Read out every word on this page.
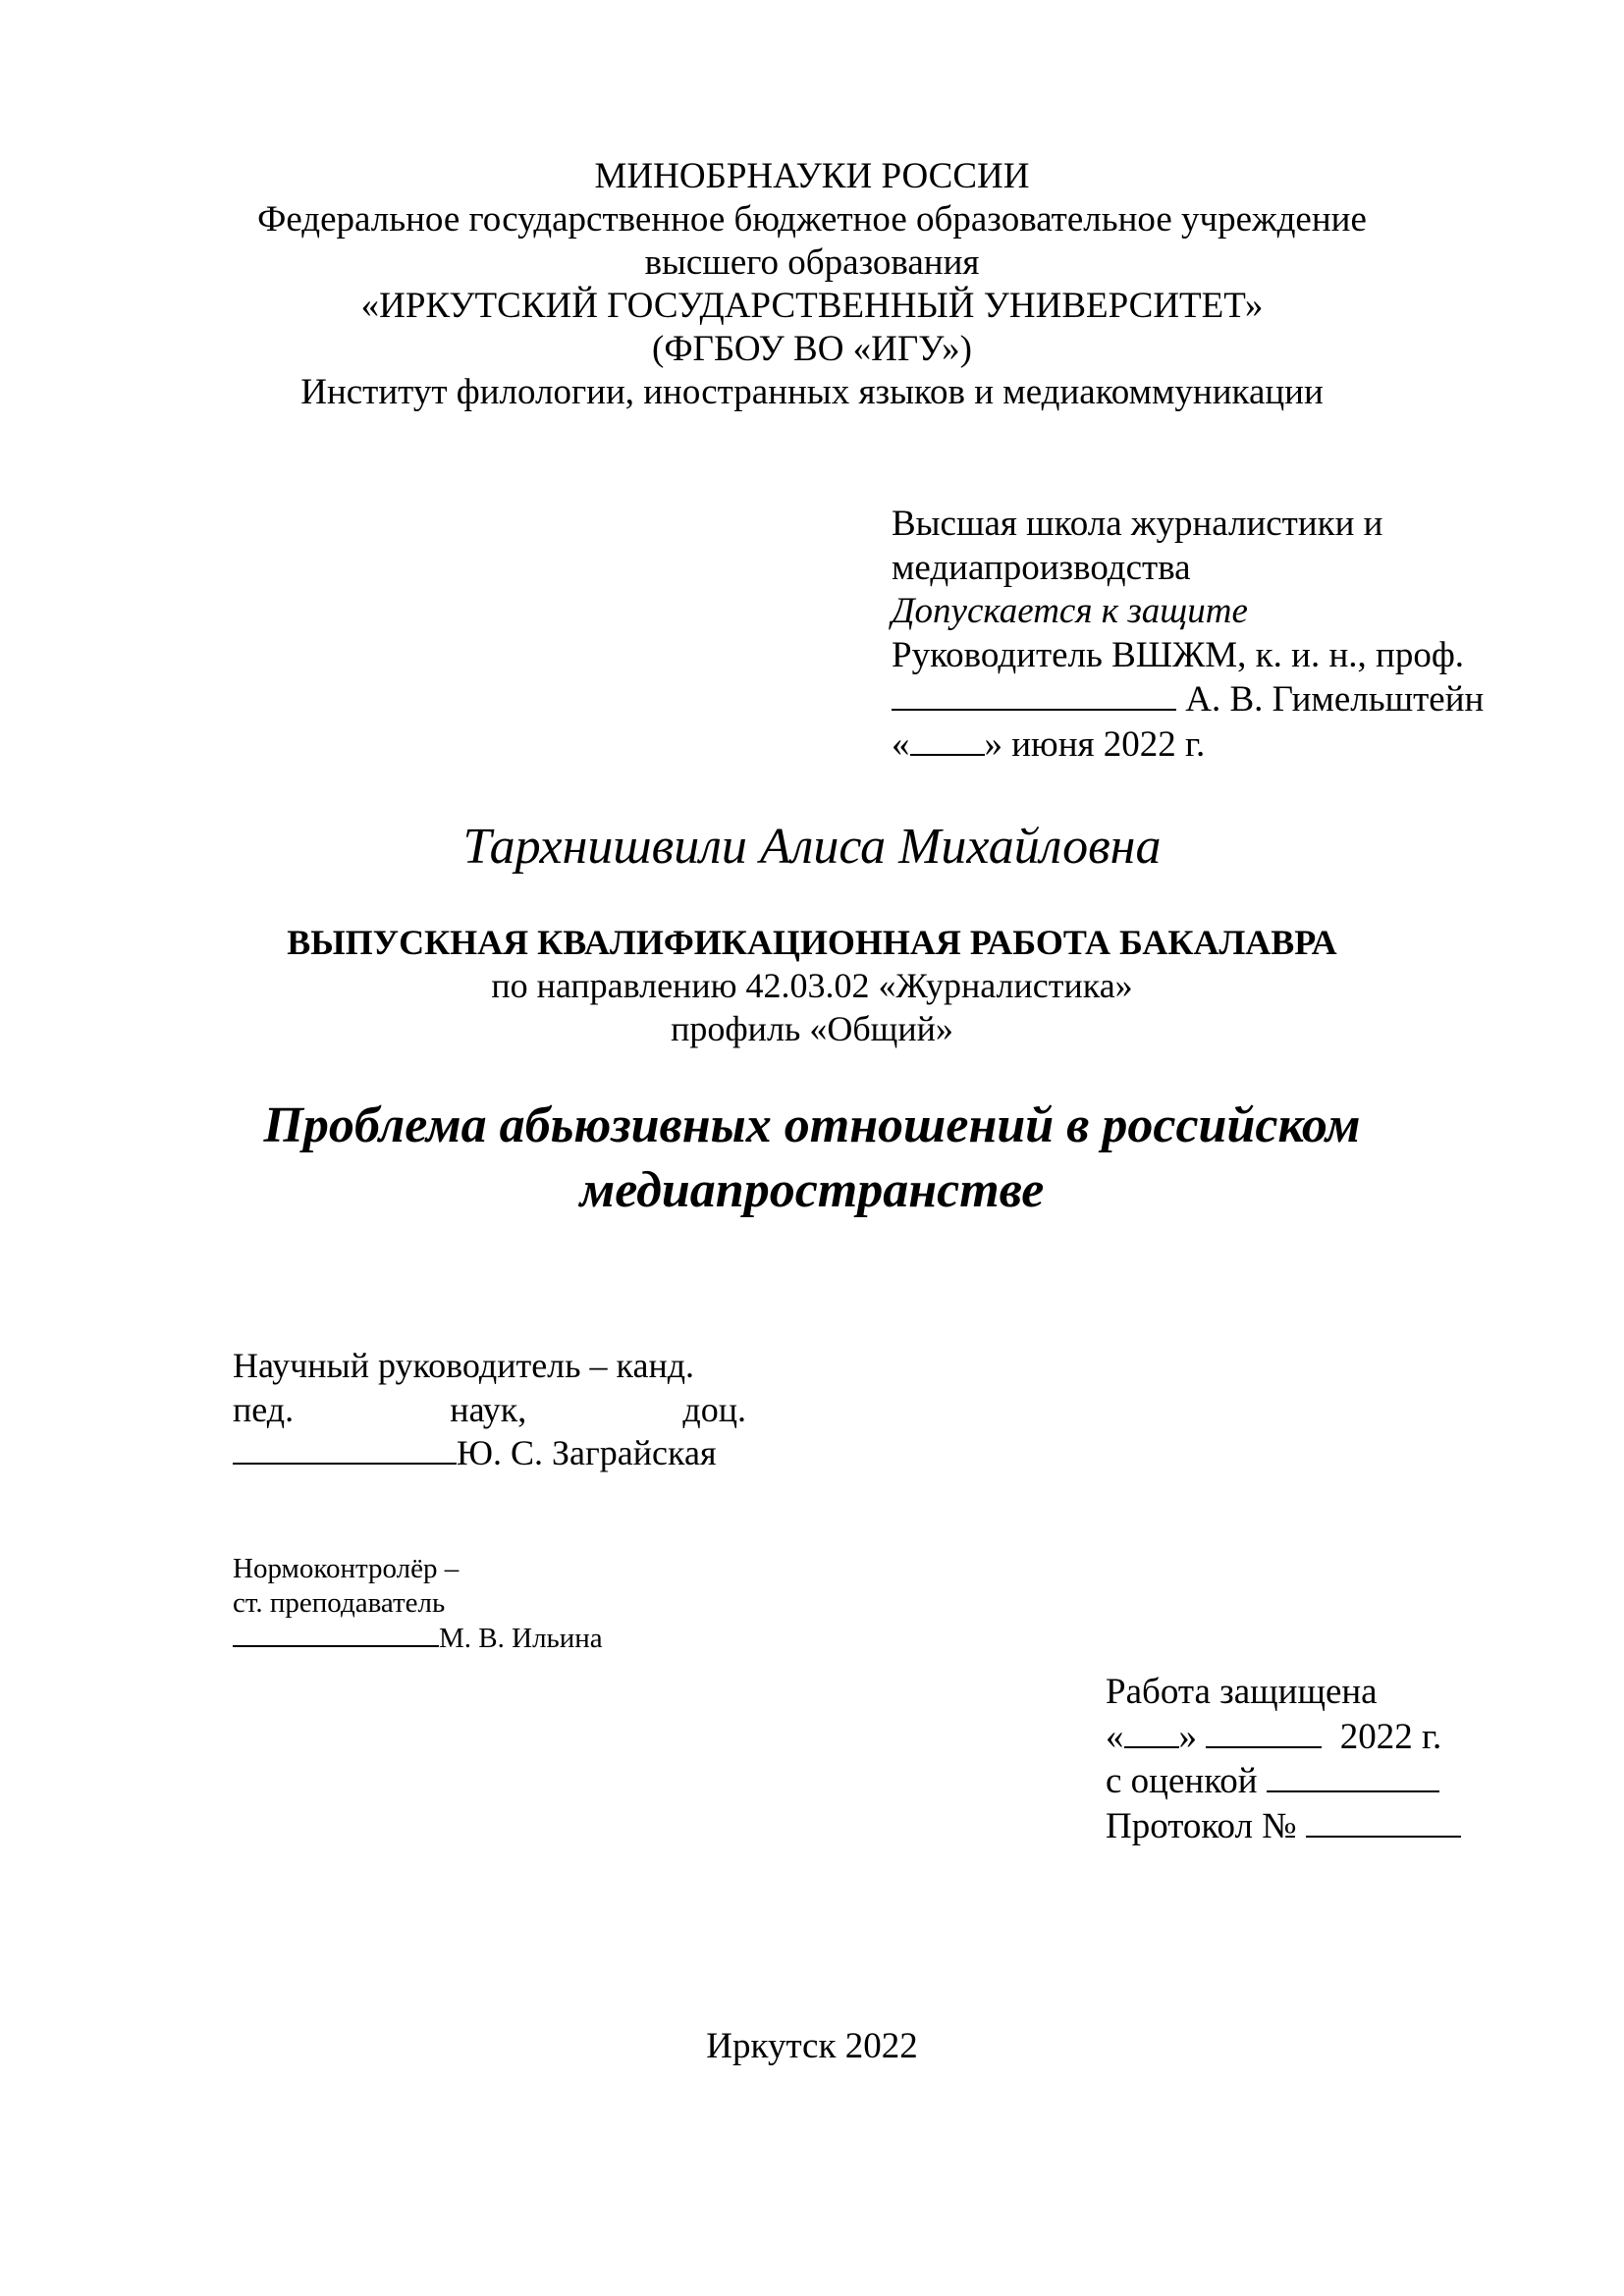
МИНОБРНАУКИ РОССИИ
Федеральное государственное бюджетное образовательное учреждение
высшего образования
«ИРКУТСКИЙ ГОСУДАРСТВЕННЫЙ УНИВЕРСИТЕТ»
(ФГБОУ ВО «ИГУ»)
Институт филологии, иностранных языков и медиакоммуникации
Высшая школа журналистики и
медиапроизводства
Допускается к защите
Руководитель ВШЖМ, к. и. н., проф.
А. В. Гимельштейн
« » июня 2022 г.
Тархнишвили Алиса Михайловна
ВЫПУСКНАЯ КВАЛИФИКАЦИОННАЯ РАБОТА БАКАЛАВРА
по направлению 42.03.02 «Журналистика»
профиль «Общий»
Проблема абьюзивных отношений в российском
медиапространстве
Научный руководитель – канд.
пед.	наук,	доц.
Ю. С. Заграйская
Нормоконтролёр –
ст. преподаватель
М. В. Ильина
Работа защищена
« »	2022 г.
с оценкой
Протокол №
Иркутск 2022
